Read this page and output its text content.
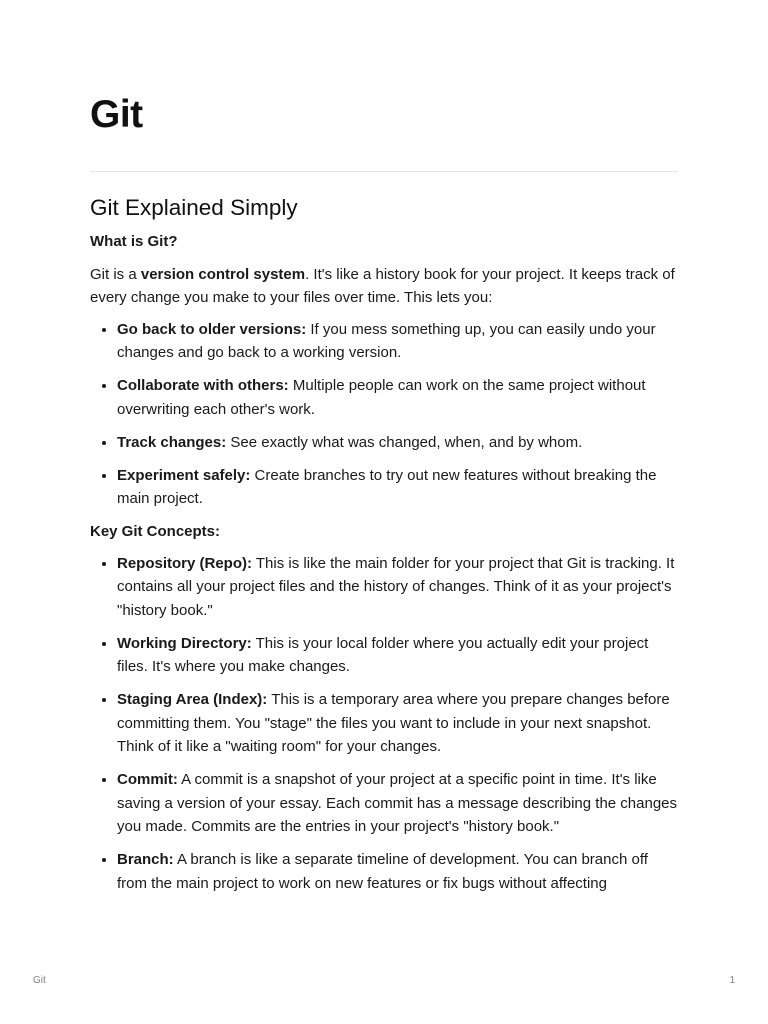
Git
Git Explained Simply
What is Git?

Git is a version control system. It's like a history book for your project. It keeps track of every change you make to your files over time. This lets you:

• Go back to older versions: If you mess something up, you can easily undo your changes and go back to a working version.
• Collaborate with others: Multiple people can work on the same project without overwriting each other's work.
• Track changes: See exactly what was changed, when, and by whom.
• Experiment safely: Create branches to try out new features without breaking the main project.
Key Git Concepts:
• Repository (Repo): This is like the main folder for your project that Git is tracking. It contains all your project files and the history of changes. Think of it as your project's "history book."
• Working Directory: This is your local folder where you actually edit your project files. It's where you make changes.
• Staging Area (Index): This is a temporary area where you prepare changes before committing them. You "stage" the files you want to include in your next snapshot. Think of it like a "waiting room" for your changes.
• Commit: A commit is a snapshot of your project at a specific point in time. It's like saving a version of your essay. Each commit has a message describing the changes you made. Commits are the entries in your project's "history book."
• Branch: A branch is like a separate timeline of development. You can branch off from the main project to work on new features or fix bugs without affecting
Git	1
